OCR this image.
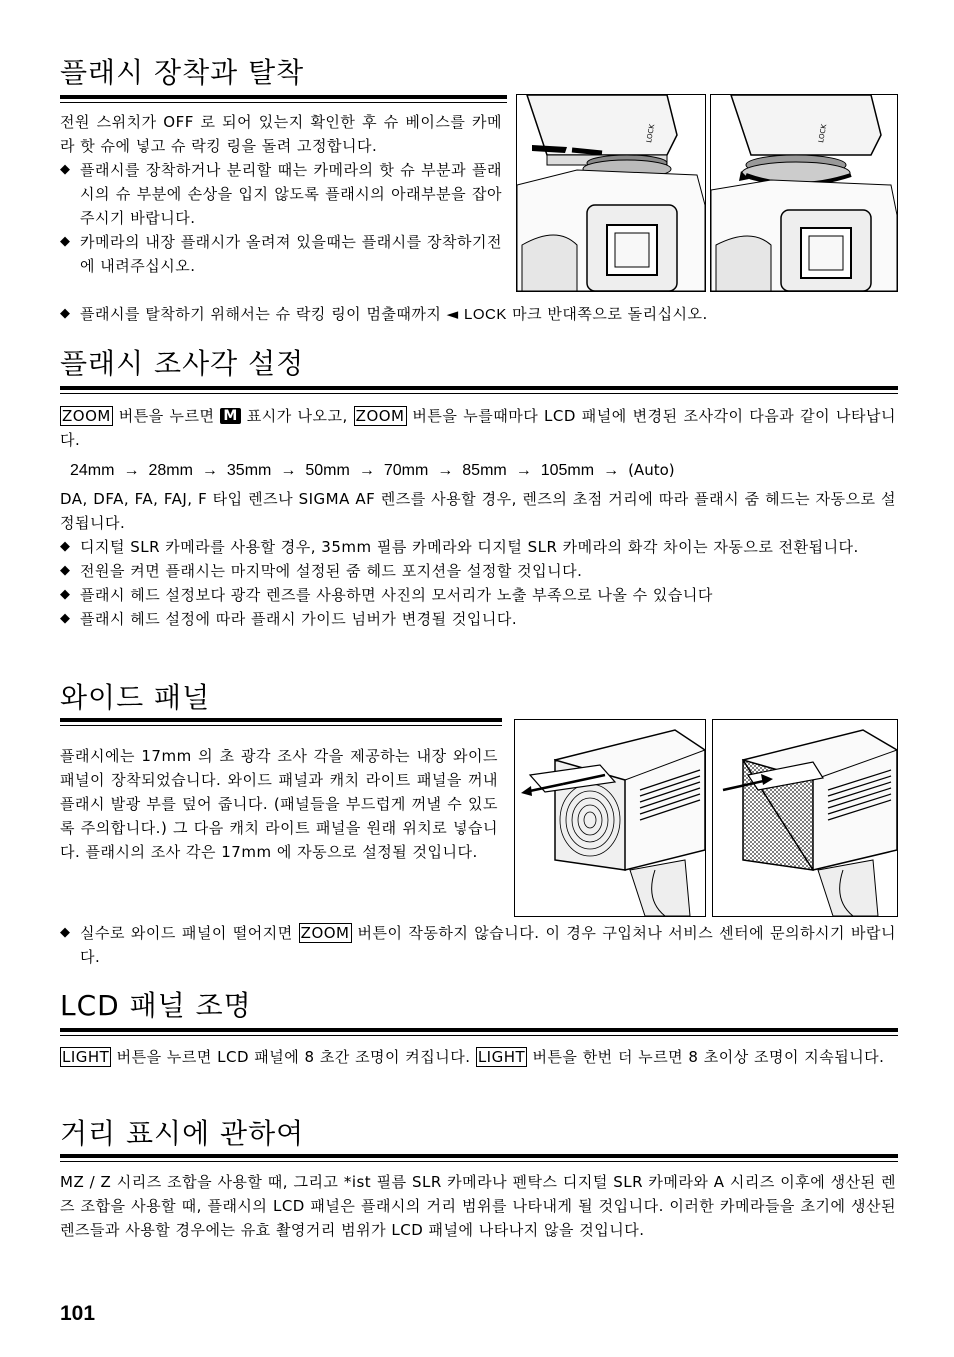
플래시 장착과 탈착

전원 스위치가 OFF 로 되어 있는지 확인한 후 슈 베이스를 카메라 핫 슈에 넣고 슈 락킹 링을 돌려 고정합니다.

◆ 플래시를 장착하거나 분리할 때는 카메라의 핫 슈 부분과 플래시의 슈 부분에 손상을 입지 않도록 플래시의 아래부분을 잡아주시기 바랍니다.
◆ 카메라의 내장 플래시가 올려져 있을때는 플래시를 장착하기전에 내려주십시오.
◆ 플래시를 탈착하기 위해서는 슈 락킹 링이 멈출때까지 ◄ LOCK 마크 반대쪽으로 돌리십시오.
LOCK	LOCK
플래시 조사각 설정

ZOOM 버튼을 누르면 M 표시가 나오고, ZOOM 버튼을 누를때마다 LCD 패널에 변경된 조사각이 다음과 같이 나타납니다.

24mm → 28mm → 35mm → 50mm → 70mm → 85mm → 105mm → (Auto)

DA, DFA, FA, FAJ, F 타입 렌즈나 SIGMA AF 렌즈를 사용할 경우, 렌즈의 초점 거리에 따라 플래시 줌 헤드는 자동으로 설정됩니다.

◆ 디지털 SLR 카메라를 사용할 경우, 35mm 필름 카메라와 디지털 SLR 카메라의 화각 차이는 자동으로 전환됩니다.
◆ 전원을 켜면 플래시는 마지막에 설정된 줌 헤드 포지션을 설정할 것입니다.
◆ 플래시 헤드 설정보다 광각 렌즈를 사용하면 사진의 모서리가 노출 부족으로 나올 수 있습니다
◆ 플래시 헤드 설정에 따라 플래시 가이드 넘버가 변경될 것입니다.
와이드 패널

플래시에는 17mm 의 초 광각 조사 각을 제공하는 내장 와이드 패널이 장착되었습니다. 와이드 패널과 캐치 라이트 패널을 꺼내 플래시 발광 부를 덮어 줍니다. (패널들을 부드럽게 꺼낼 수 있도록 주의합니다.) 그 다음 캐치 라이트 패널을 원래 위치로 넣습니다. 플래시의 조사 각은 17mm 에 자동으로 설정될 것입니다.

◆ 실수로 와이드 패널이 떨어지면 ZOOM 버튼이 작동하지 않습니다. 이 경우 구입처나 서비스 센터에 문의하시기 바랍니다.
LCD 패널 조명

LIGHT 버튼을 누르면 LCD 패널에 8 초간 조명이 켜집니다. LIGHT 버튼을 한번 더 누르면 8 초이상 조명이 지속됩니다.

거리 표시에 관하여

MZ / Z 시리즈 조합을 사용할 때, 그리고 *ist 필름 SLR 카메라나 펜탁스 디지털 SLR 카메라와 A 시리즈 이후에 생산된 렌즈 조합을 사용할 때, 플래시의 LCD 패널은 플래시의 거리 범위를 나타내게 될 것입니다. 이러한 카메라들을 초기에 생산된 렌즈들과 사용할 경우에는 유효 촬영거리 범위가 LCD 패널에 나타나지 않을 것입니다.

101
